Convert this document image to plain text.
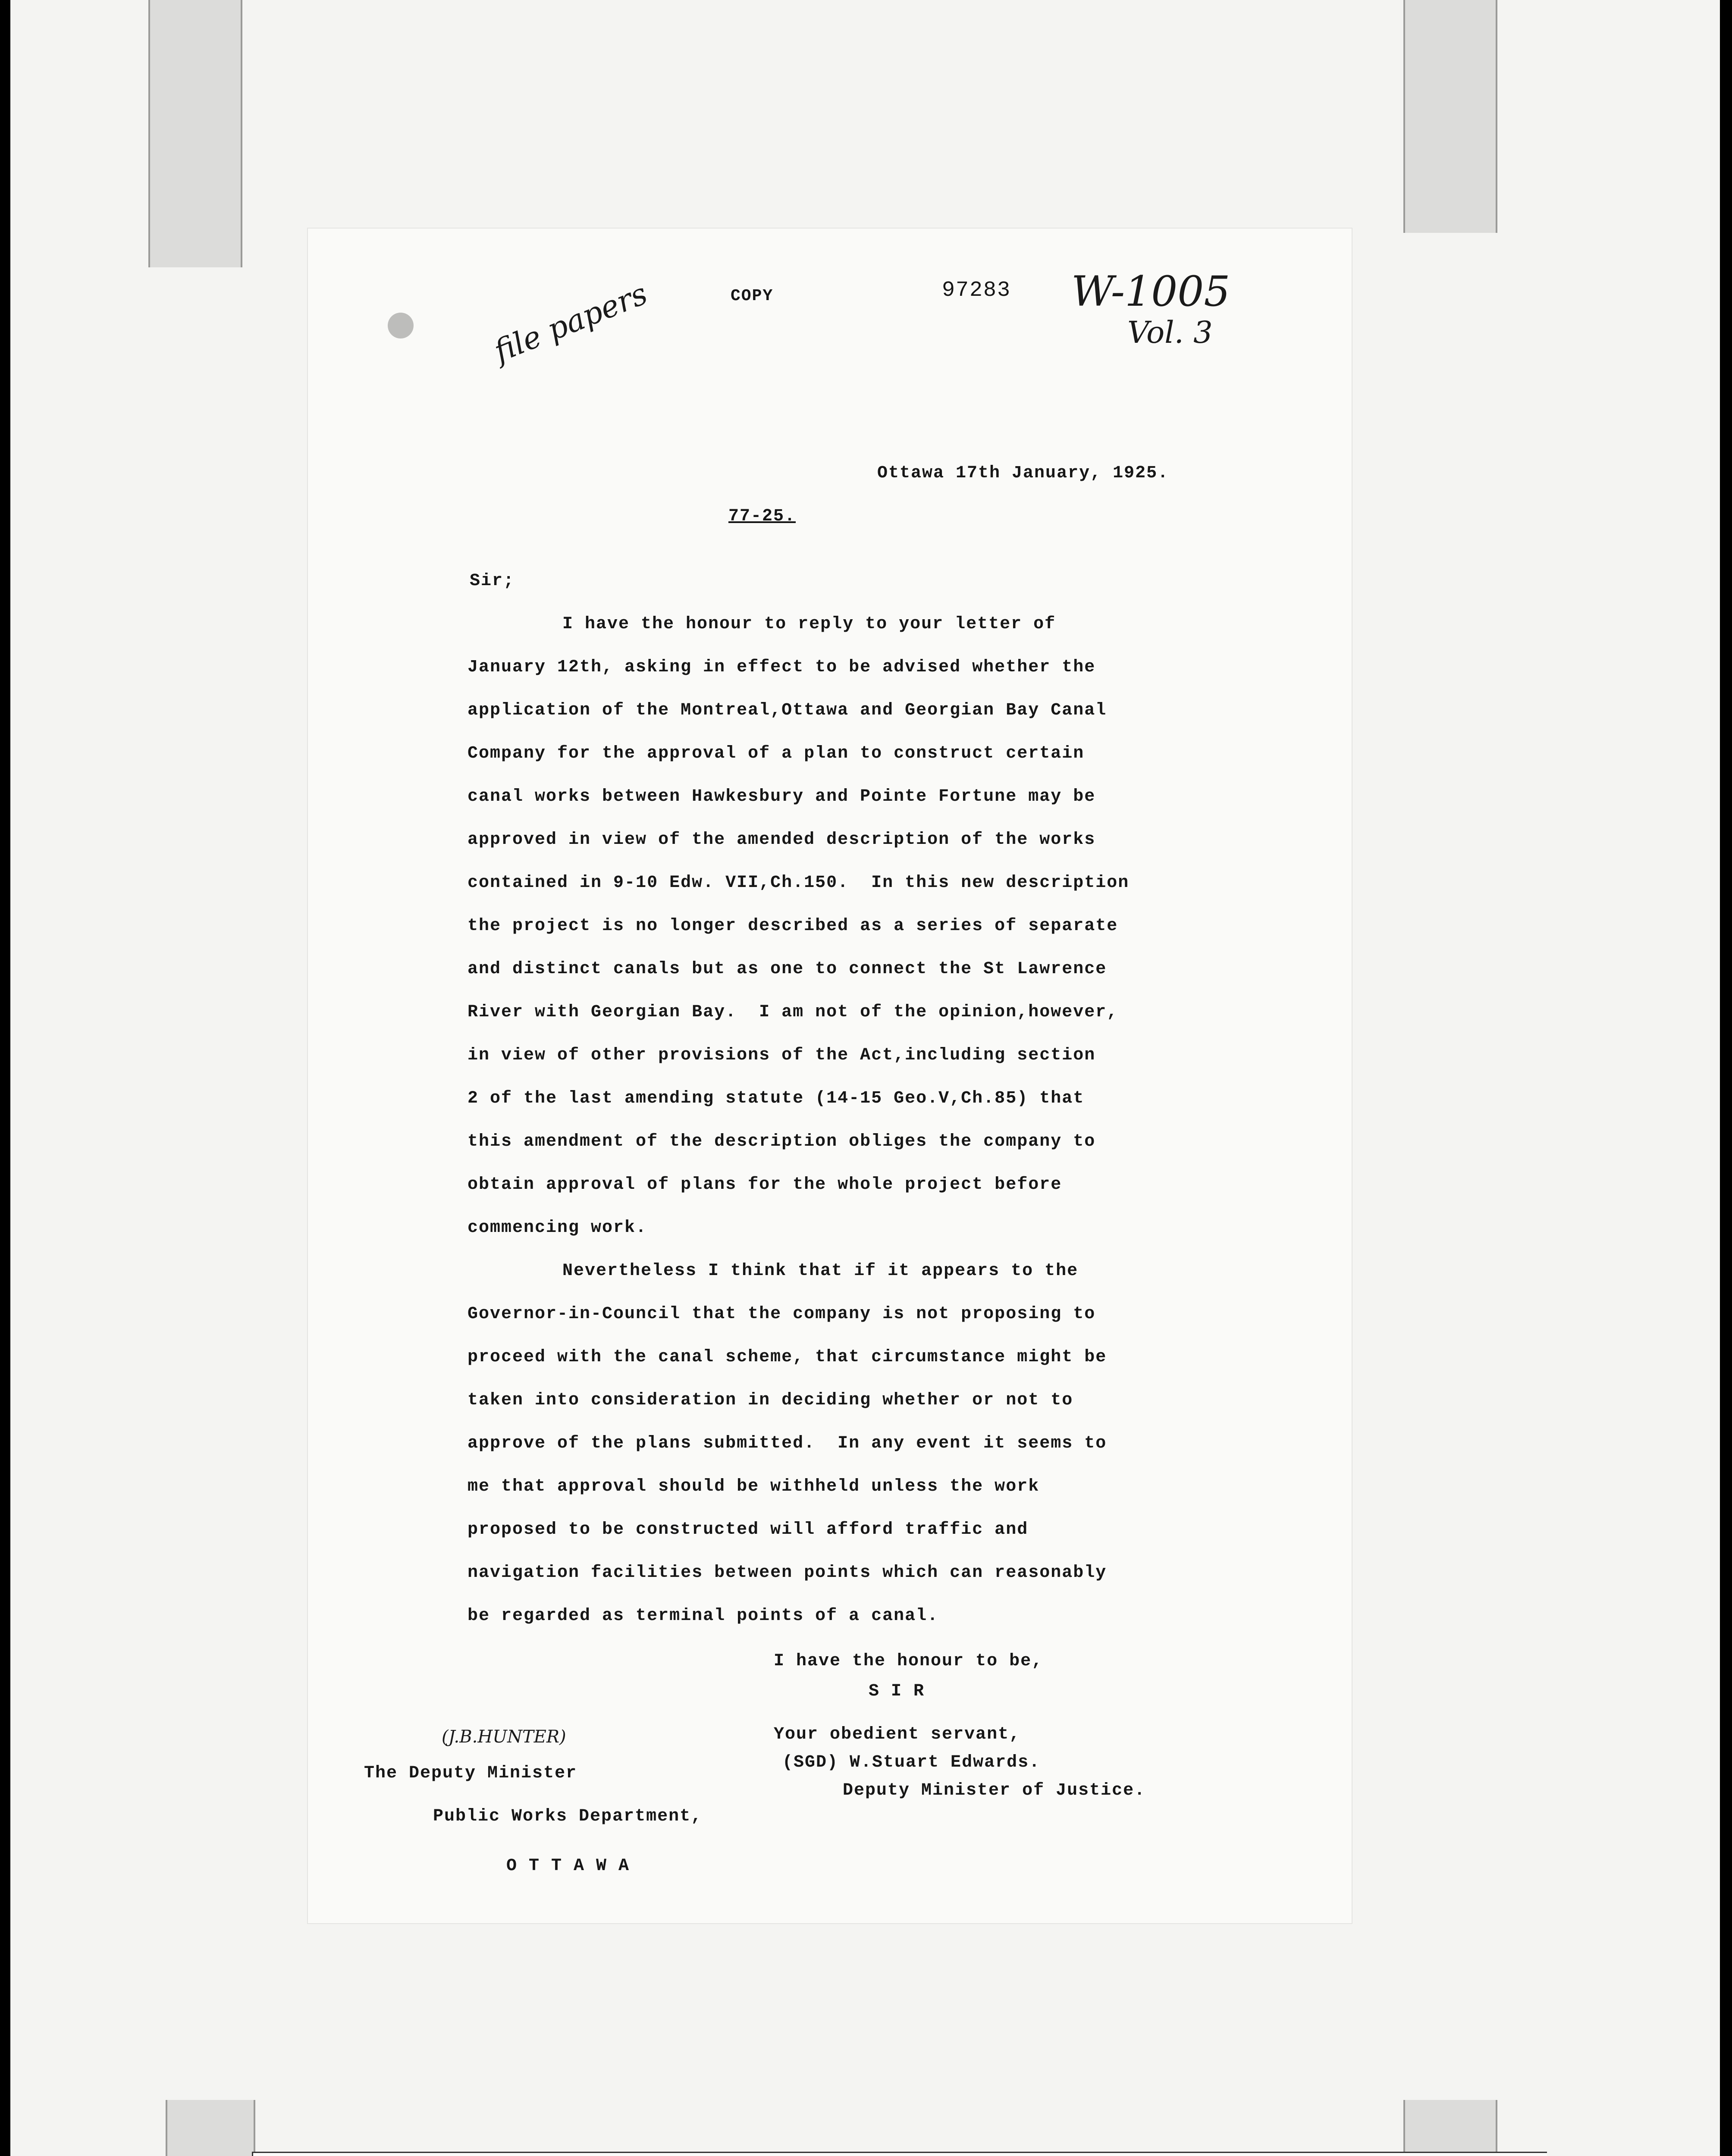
COPY	97283 W-1005
Vol. 3
file papers
Ottawa 17th January, 1925.
77-25.
Sir;
I have the honour to reply to your letter of
January 12th, asking in effect to be advised whether the
application of the Montreal,Ottawa and Georgian Bay Canal
Company for the approval of a plan to construct certain
canal works between Hawkesbury and Pointe Fortune may be
approved in view of the amended description of the works
contained in 9-10 Edw. VII,Ch.150.  In this new description
the project is no longer described as a series of separate
and distinct canals but as one to connect the St Lawrence
River with Georgian Bay.  I am not of the opinion,however,
in view of other provisions of the Act,including section
2 of the last amending statute (14-15 Geo.V,Ch.85) that
this amendment of the description obliges the company to
obtain approval of plans for the whole project before
commencing work.
Nevertheless I think that if it appears to the
Governor-in-Council that the company is not proposing to
proceed with the canal scheme, that circumstance might be
taken into consideration in deciding whether or not to
approve of the plans submitted.  In any event it seems to
me that approval should be withheld unless the work
proposed to be constructed will afford traffic and
navigation facilities between points which can reasonably
be regarded as terminal points of a canal.
I have the honour to be,
S I R
Your obedient servant,
(SGD) W.Stuart Edwards.
Deputy Minister of Justice.
(J.B.HUNTER)
The Deputy Minister
Public Works Department,
O T T A W A
